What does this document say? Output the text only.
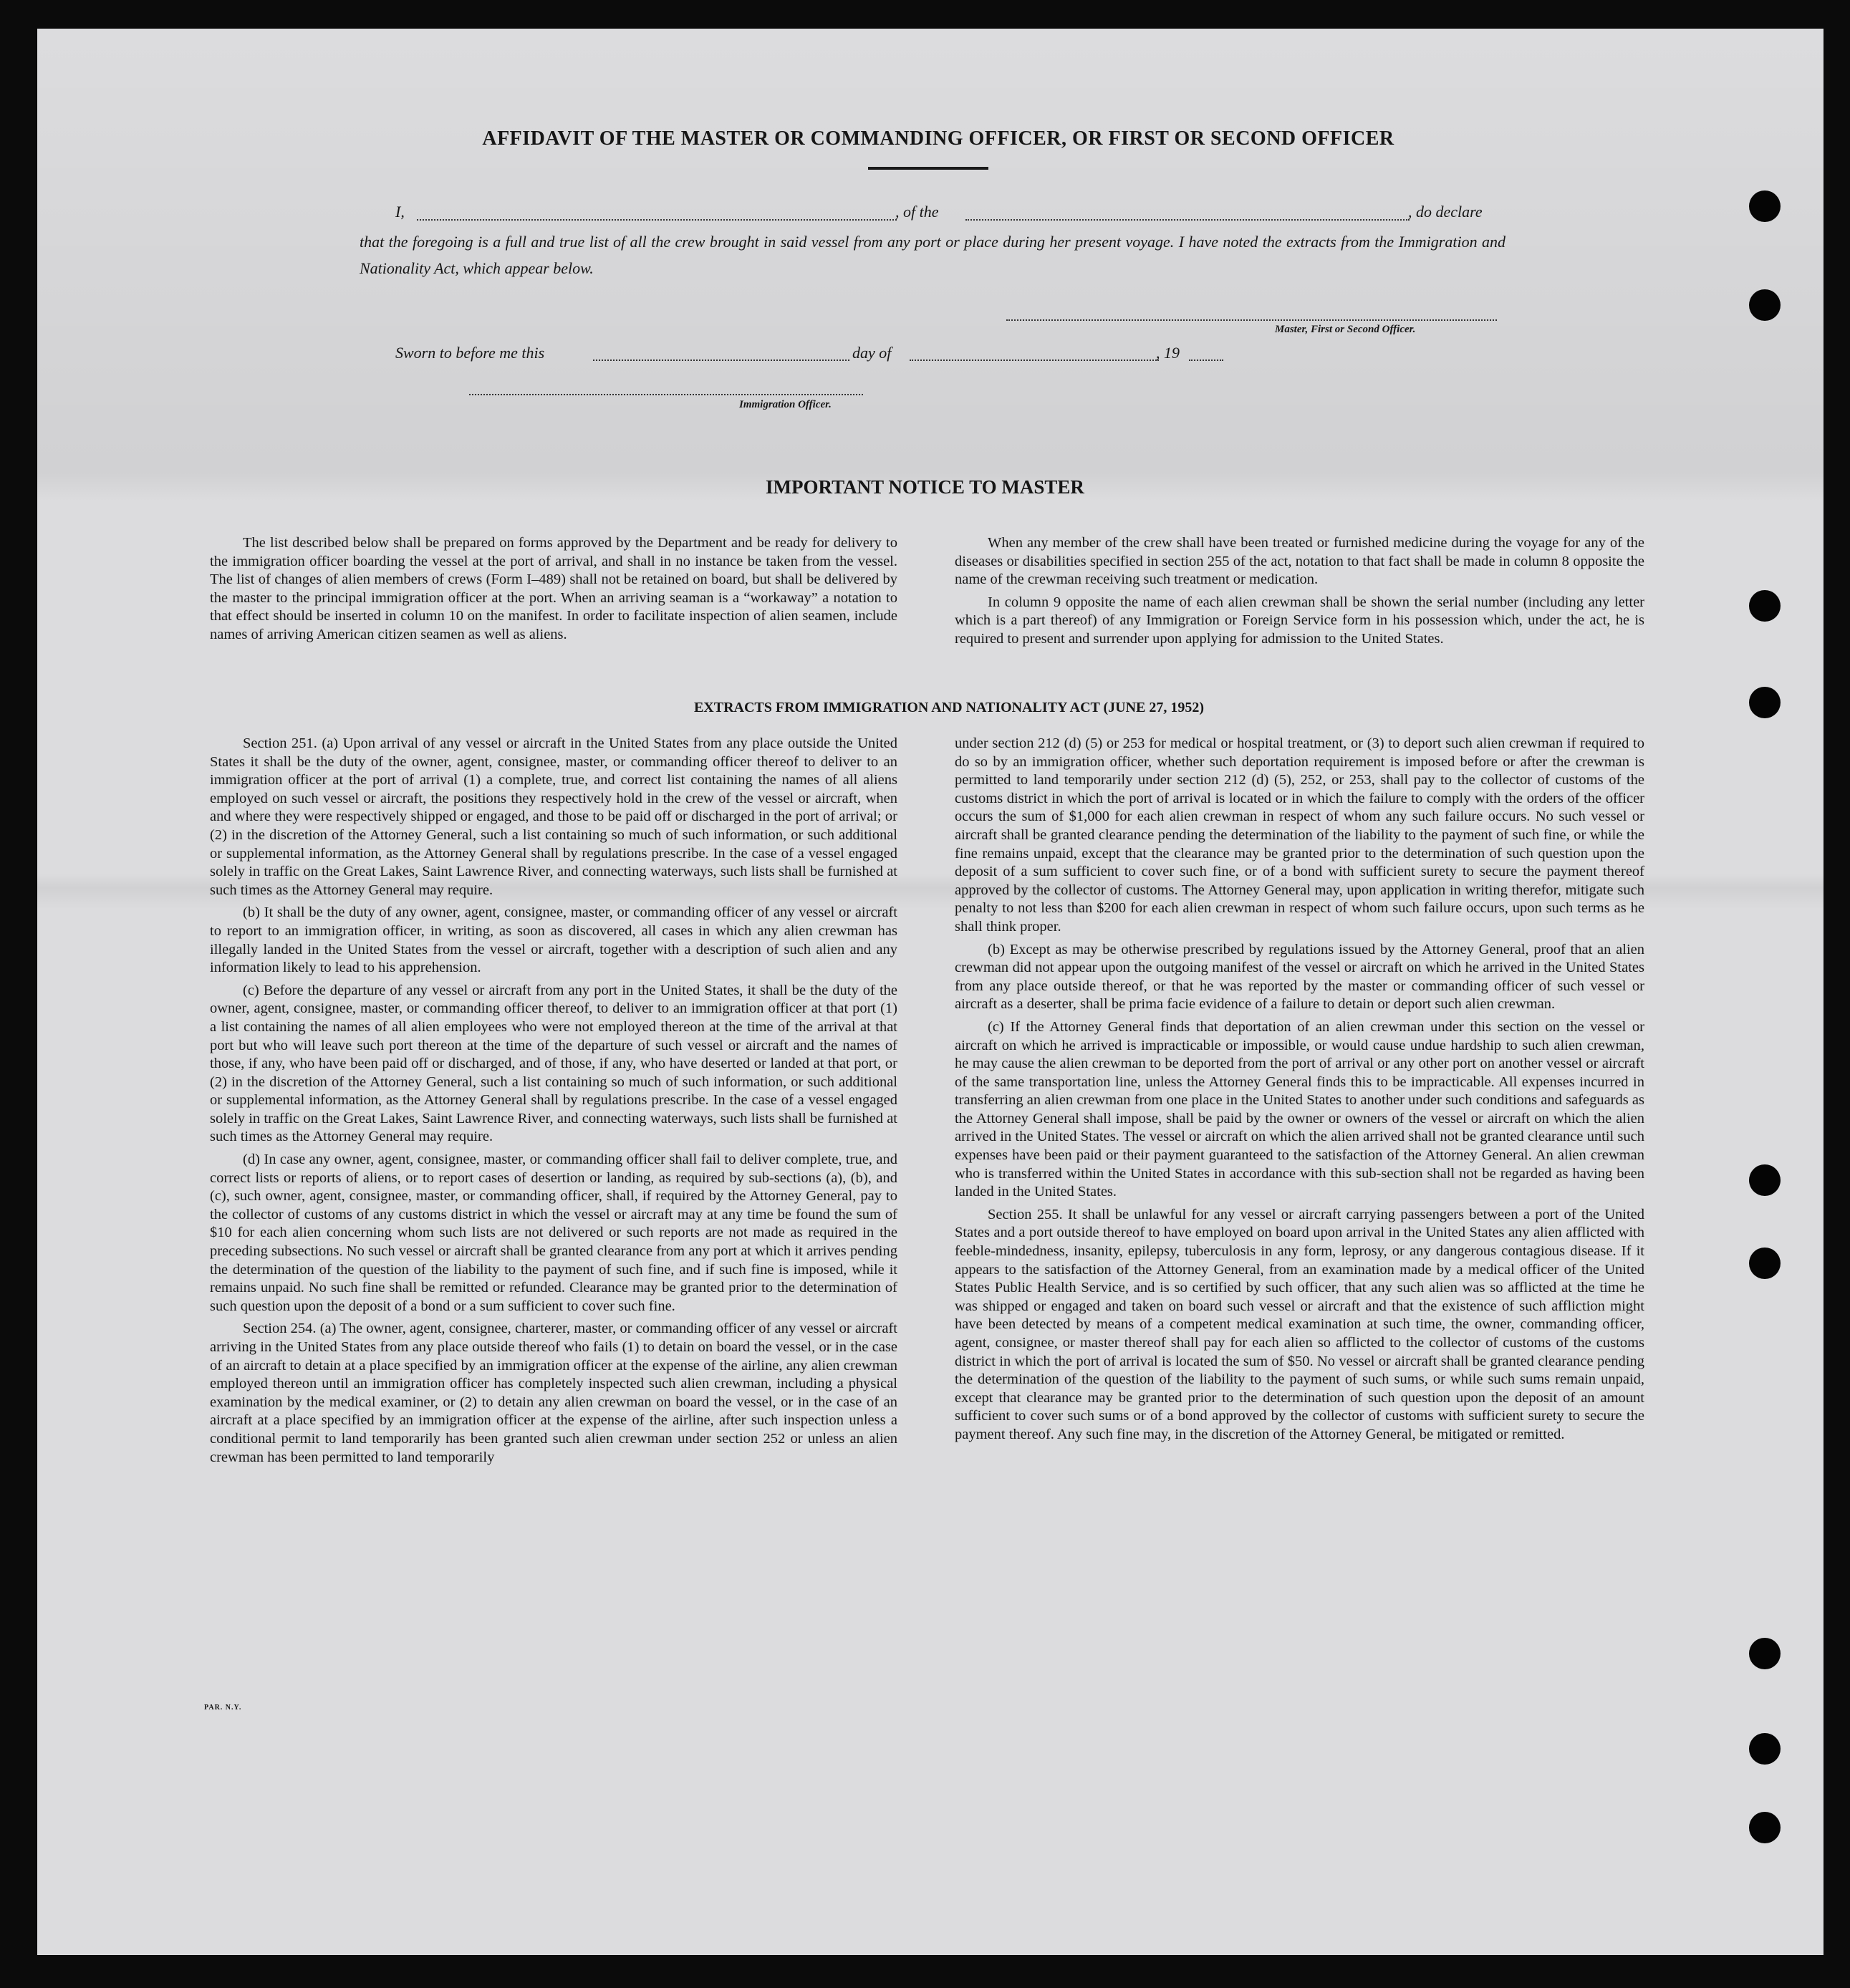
AFFIDAVIT OF THE MASTER OR COMMANDING OFFICER, OR FIRST OR SECOND OFFICER
I,	, of the	, do declare
that the foregoing is a full and true list of all the crew brought in said vessel from any port or place during her present voyage. I have noted the extracts from the Immigration and Nationality Act, which appear below.
Master, First or Second Officer.
Sworn to before me this	day of	, 19
Immigration Officer.
IMPORTANT NOTICE TO MASTER

The list described below shall be prepared on forms approved by the Department and be ready for delivery to the immigration officer boarding the vessel at the port of arrival, and shall in no instance be taken from the vessel. The list of changes of alien members of crews (Form I–489) shall not be retained on board, but shall be delivered by the master to the principal immigration officer at the port. When an arriving seaman is a “workaway” a notation to that effect should be inserted in column 10 on the manifest. In order to facilitate inspection of alien seamen, include names of arriving American citizen seamen as well as aliens.

When any member of the crew shall have been treated or furnished medicine during the voyage for any of the diseases or disabilities specified in section 255 of the act, notation to that fact shall be made in column 8 opposite the name of the crewman receiving such treatment or medication.

In column 9 opposite the name of each alien crewman shall be shown the serial number (including any letter which is a part thereof) of any Immigration or Foreign Service form in his possession which, under the act, he is required to present and surrender upon applying for admission to the United States.

EXTRACTS FROM IMMIGRATION AND NATIONALITY ACT (JUNE 27, 1952)

Section 251. (a) Upon arrival of any vessel or aircraft in the United States from any place outside the United States it shall be the duty of the owner, agent, consignee, master, or commanding officer thereof to deliver to an immigration officer at the port of arrival (1) a complete, true, and correct list containing the names of all aliens employed on such vessel or aircraft, the positions they respectively hold in the crew of the vessel or aircraft, when and where they were respectively shipped or engaged, and those to be paid off or discharged in the port of arrival; or (2) in the discretion of the Attorney General, such a list containing so much of such information, or such additional or supplemental information, as the Attorney General shall by regulations prescribe. In the case of a vessel engaged solely in traffic on the Great Lakes, Saint Lawrence River, and connecting waterways, such lists shall be furnished at such times as the Attorney General may require.

(b) It shall be the duty of any owner, agent, consignee, master, or commanding officer of any vessel or aircraft to report to an immigration officer, in writing, as soon as discovered, all cases in which any alien crewman has illegally landed in the United States from the vessel or aircraft, together with a description of such alien and any information likely to lead to his apprehension.

(c) Before the departure of any vessel or aircraft from any port in the United States, it shall be the duty of the owner, agent, consignee, master, or commanding officer thereof, to deliver to an immigration officer at that port (1) a list containing the names of all alien employees who were not employed thereon at the time of the arrival at that port but who will leave such port thereon at the time of the departure of such vessel or aircraft and the names of those, if any, who have been paid off or discharged, and of those, if any, who have deserted or landed at that port, or (2) in the discretion of the Attorney General, such a list containing so much of such information, or such additional or supplemental information, as the Attorney General shall by regulations prescribe. In the case of a vessel engaged solely in traffic on the Great Lakes, Saint Lawrence River, and connecting waterways, such lists shall be furnished at such times as the Attorney General may require.

(d) In case any owner, agent, consignee, master, or commanding officer shall fail to deliver complete, true, and correct lists or reports of aliens, or to report cases of desertion or landing, as required by sub-sections (a), (b), and (c), such owner, agent, consignee, master, or commanding officer, shall, if required by the Attorney General, pay to the collector of customs of any customs district in which the vessel or aircraft may at any time be found the sum of $10 for each alien concerning whom such lists are not delivered or such reports are not made as required in the preceding subsections. No such vessel or aircraft shall be granted clearance from any port at which it arrives pending the determination of the question of the liability to the payment of such fine, and if such fine is imposed, while it remains unpaid. No such fine shall be remitted or refunded. Clearance may be granted prior to the determination of such question upon the deposit of a bond or a sum sufficient to cover such fine.

Section 254. (a) The owner, agent, consignee, charterer, master, or commanding officer of any vessel or aircraft arriving in the United States from any place outside thereof who fails (1) to detain on board the vessel, or in the case of an aircraft to detain at a place specified by an immigration officer at the expense of the airline, any alien crewman employed thereon until an immigration officer has completely inspected such alien crewman, including a physical examination by the medical examiner, or (2) to detain any alien crewman on board the vessel, or in the case of an aircraft at a place specified by an immigration officer at the expense of the airline, after such inspection unless a conditional permit to land temporarily has been granted such alien crewman under section 252 or unless an alien crewman has been permitted to land temporarily

under section 212 (d) (5) or 253 for medical or hospital treatment, or (3) to deport such alien crewman if required to do so by an immigration officer, whether such deportation requirement is imposed before or after the crewman is permitted to land temporarily under section 212 (d) (5), 252, or 253, shall pay to the collector of customs of the customs district in which the port of arrival is located or in which the failure to comply with the orders of the officer occurs the sum of $1,000 for each alien crewman in respect of whom any such failure occurs. No such vessel or aircraft shall be granted clearance pending the determination of the liability to the payment of such fine, or while the fine remains unpaid, except that the clearance may be granted prior to the determination of such question upon the deposit of a sum sufficient to cover such fine, or of a bond with sufficient surety to secure the payment thereof approved by the collector of customs. The Attorney General may, upon application in writing therefor, mitigate such penalty to not less than $200 for each alien crewman in respect of whom such failure occurs, upon such terms as he shall think proper.

(b) Except as may be otherwise prescribed by regulations issued by the Attorney General, proof that an alien crewman did not appear upon the outgoing manifest of the vessel or aircraft on which he arrived in the United States from any place outside thereof, or that he was reported by the master or commanding officer of such vessel or aircraft as a deserter, shall be prima facie evidence of a failure to detain or deport such alien crewman.

(c) If the Attorney General finds that deportation of an alien crewman under this section on the vessel or aircraft on which he arrived is impracticable or impossible, or would cause undue hardship to such alien crewman, he may cause the alien crewman to be deported from the port of arrival or any other port on another vessel or aircraft of the same transportation line, unless the Attorney General finds this to be impracticable. All expenses incurred in transferring an alien crewman from one place in the United States to another under such conditions and safeguards as the Attorney General shall impose, shall be paid by the owner or owners of the vessel or aircraft on which the alien arrived in the United States. The vessel or aircraft on which the alien arrived shall not be granted clearance until such expenses have been paid or their payment guaranteed to the satisfaction of the Attorney General. An alien crewman who is transferred within the United States in accordance with this sub-section shall not be regarded as having been landed in the United States.

Section 255. It shall be unlawful for any vessel or aircraft carrying passengers between a port of the United States and a port outside thereof to have employed on board upon arrival in the United States any alien afflicted with feeble-mindedness, insanity, epilepsy, tuberculosis in any form, leprosy, or any dangerous contagious disease. If it appears to the satisfaction of the Attorney General, from an examination made by a medical officer of the United States Public Health Service, and is so certified by such officer, that any such alien was so afflicted at the time he was shipped or engaged and taken on board such vessel or aircraft and that the existence of such affliction might have been detected by means of a competent medical examination at such time, the owner, commanding officer, agent, consignee, or master thereof shall pay for each alien so afflicted to the collector of customs of the customs district in which the port of arrival is located the sum of $50. No vessel or aircraft shall be granted clearance pending the determination of the question of the liability to the payment of such sums, or while such sums remain unpaid, except that clearance may be granted prior to the determination of such question upon the deposit of an amount sufficient to cover such sums or of a bond approved by the collector of customs with sufficient surety to secure the payment thereof. Any such fine may, in the discretion of the Attorney General, be mitigated or remitted.

PAR. N.Y.
